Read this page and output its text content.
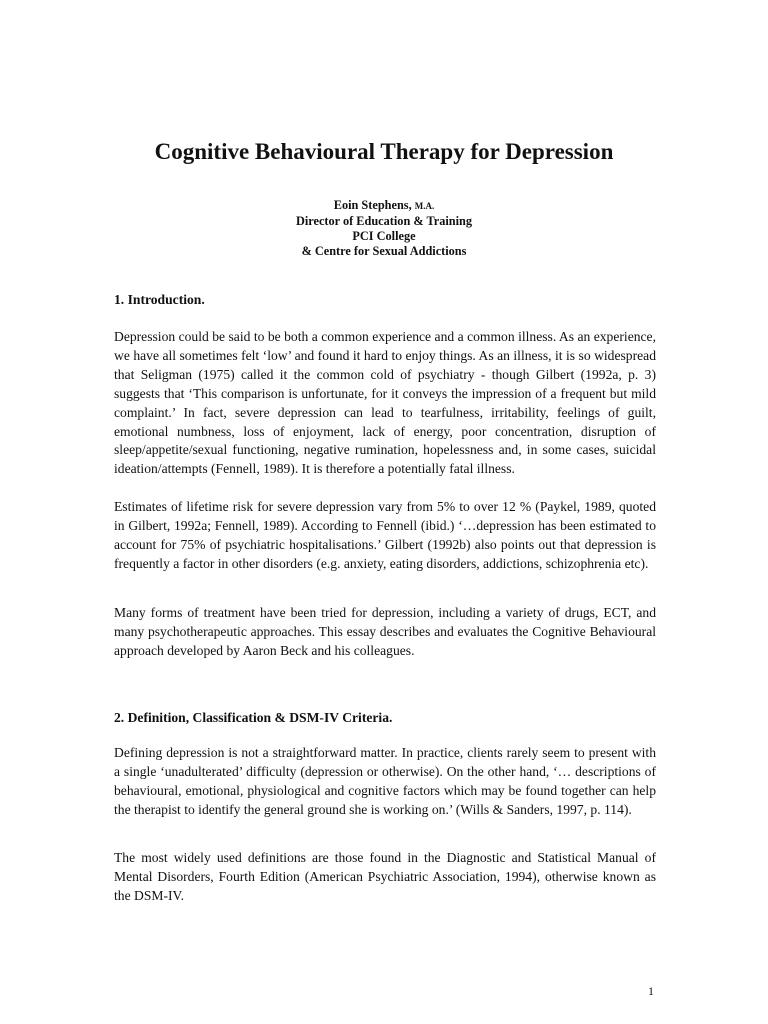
Cognitive Behavioural Therapy for Depression
Eoin Stephens, M.A.
Director of Education & Training
PCI College
& Centre for Sexual Addictions
1. Introduction.

Depression could be said to be both a common experience and a common illness. As an experience, we have all sometimes felt ‘low’ and found it hard to enjoy things. As an illness, it is so widespread that Seligman (1975) called it the common cold of psychiatry - though Gilbert (1992a, p. 3) suggests that ‘This comparison is unfortunate, for it conveys the impression of a frequent but mild complaint.’ In fact, severe depression can lead to tearfulness, irritability, feelings of guilt, emotional numbness, loss of enjoyment, lack of energy, poor concentration, disruption of sleep/appetite/sexual functioning, negative rumination, hopelessness and, in some cases, suicidal ideation/attempts (Fennell, 1989). It is therefore a potentially fatal illness.

Estimates of lifetime risk for severe depression vary from 5% to over 12 % (Paykel, 1989, quoted in Gilbert, 1992a; Fennell, 1989). According to Fennell (ibid.) ‘…depression has been estimated to account for 75% of psychiatric hospitalisations.’ Gilbert (1992b) also points out that depression is frequently a factor in other disorders (e.g. anxiety, eating disorders, addictions, schizophrenia etc).

Many forms of treatment have been tried for depression, including a variety of drugs, ECT, and many psychotherapeutic approaches. This essay describes and evaluates the Cognitive Behavioural approach developed by Aaron Beck and his colleagues.

2. Definition, Classification & DSM-IV Criteria.

Defining depression is not a straightforward matter. In practice, clients rarely seem to present with a single ‘unadulterated’ difficulty (depression or otherwise). On the other hand, ‘… descriptions of behavioural, emotional, physiological and cognitive factors which may be found together can help the therapist to identify the general ground she is working on.’ (Wills & Sanders, 1997, p. 114).

The most widely used definitions are those found in the Diagnostic and Statistical Manual of Mental Disorders, Fourth Edition (American Psychiatric Association, 1994), otherwise known as the DSM-IV.

1
